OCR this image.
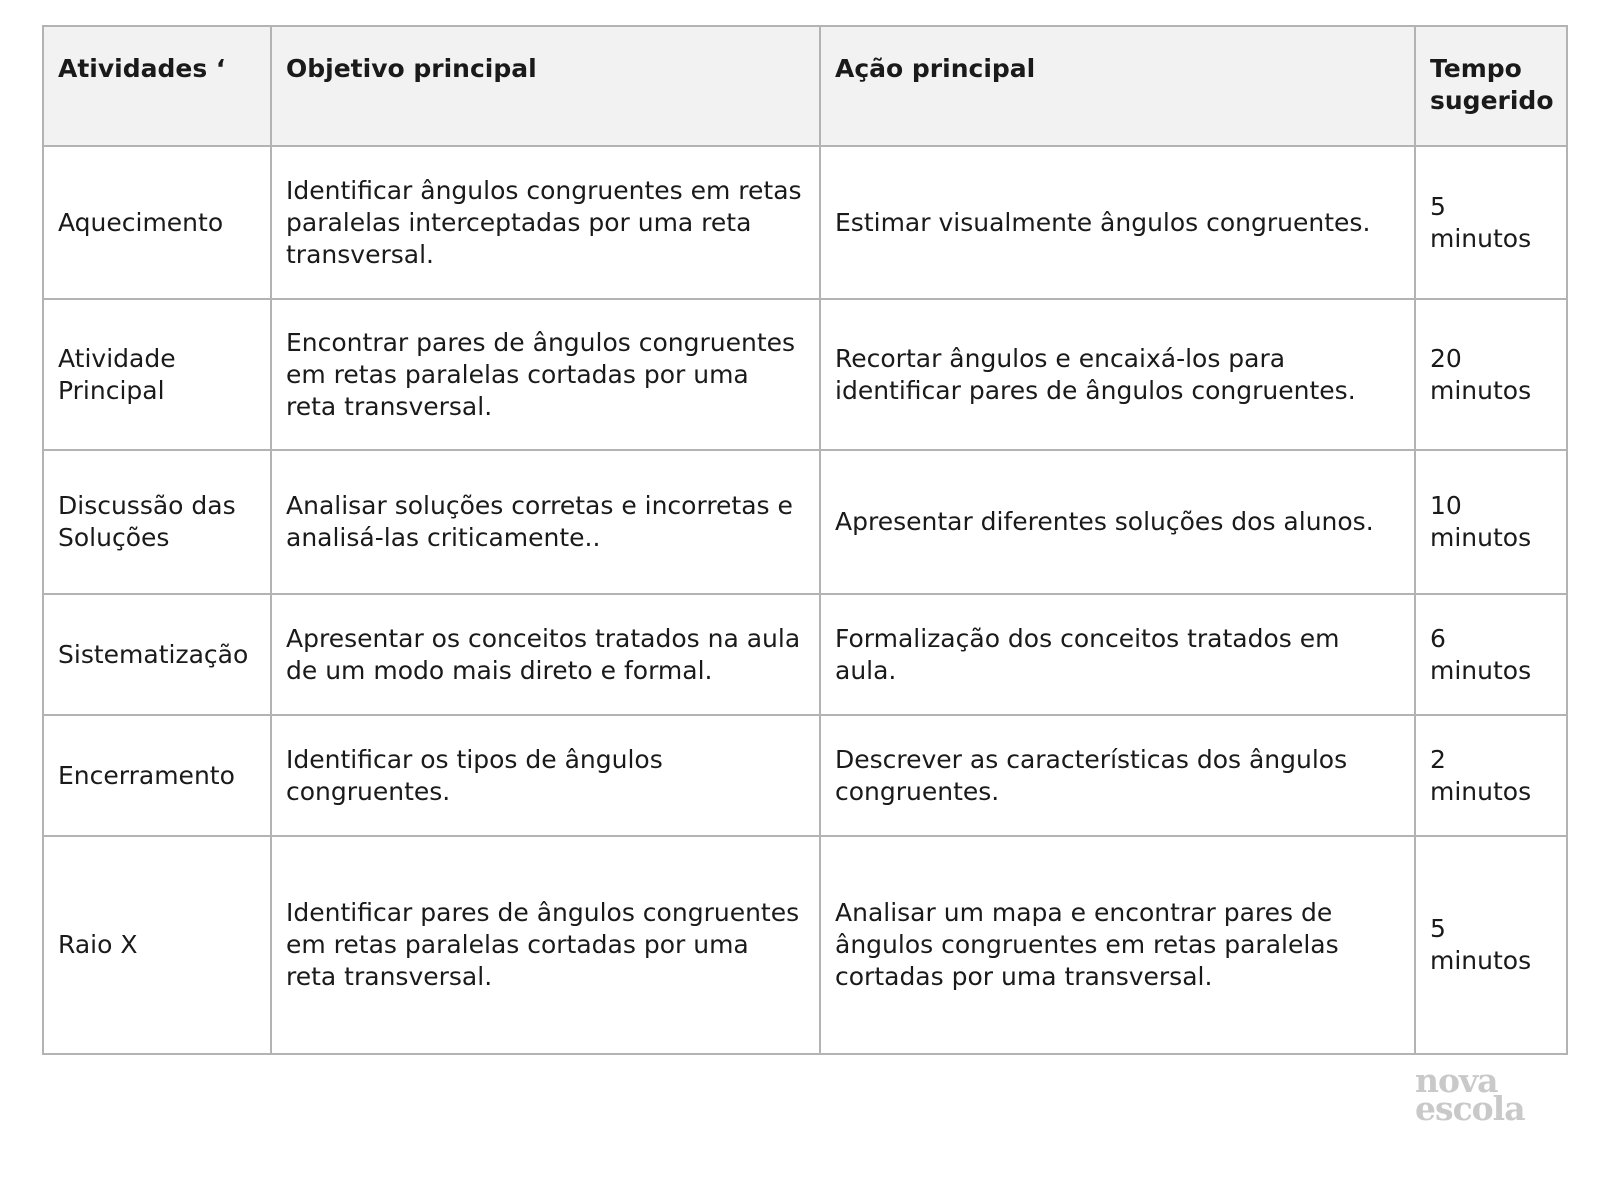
Atividades ‘	Objetivo principal	Ação principal	Tempo sugerido
Aquecimento	Identificar ângulos congruentes em retas paralelas interceptadas por uma reta transversal.	Estimar visualmente ângulos congruentes.	5 minutos
Atividade Principal	Encontrar pares de ângulos congruentes em retas paralelas cortadas por uma reta transversal.	Recortar ângulos e encaixá-los para identificar pares de ângulos congruentes.	20 minutos
Discussão das Soluções	Analisar soluções corretas e incorretas e analisá-las criticamente..	Apresentar diferentes soluções dos alunos.	10 minutos
Sistematização	Apresentar os conceitos tratados na aula de um modo mais direto e formal.	Formalização dos conceitos tratados em aula.	6 minutos
Encerramento	Identificar os tipos de ângulos congruentes.	Descrever as características dos ângulos congruentes.	2 minutos
Raio X	Identificar pares de ângulos congruentes em retas paralelas cortadas por uma reta transversal.	Analisar um mapa e encontrar pares de ângulos congruentes em retas paralelas cortadas por uma transversal.	5 minutos
nova
escola
